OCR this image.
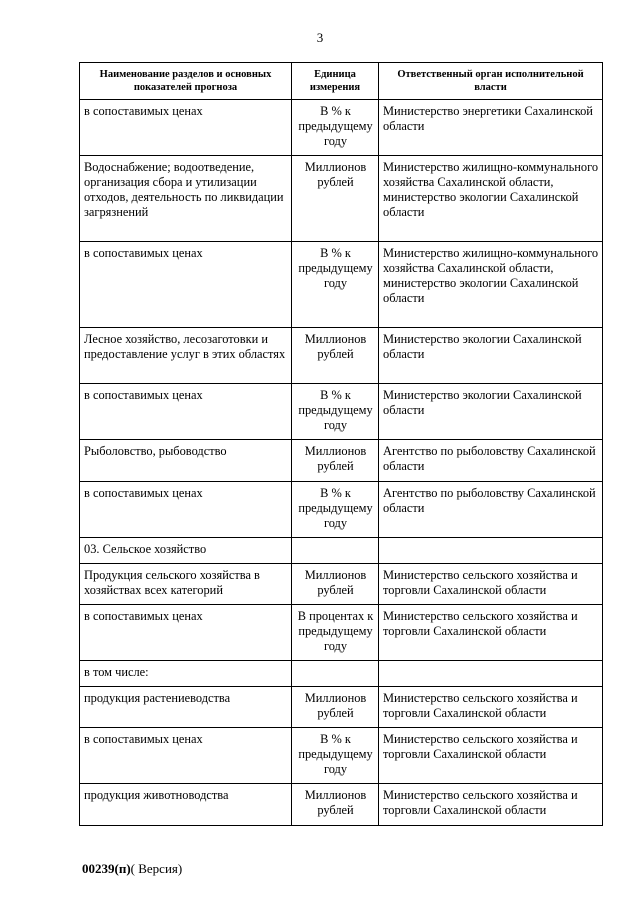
3
Наименование разделов и основных показателей прогноза	Единица измерения	Ответственный орган исполнительной власти
в сопоставимых ценах	В % к предыдущему году	Министерство энергетики Сахалинской области
Водоснабжение; водоотведение, организация сбора и утилизации отходов, деятельность по ликвидации загрязнений	Миллионов рублей	Министерство жилищно-коммунального хозяйства Сахалинской области, министерство экологии Сахалинской области
в сопоставимых ценах	В % к предыдущему году	Министерство жилищно-коммунального хозяйства Сахалинской области, министерство экологии Сахалинской области
Лесное хозяйство, лесозаготовки и предоставление услуг в этих областях	Миллионов рублей	Министерство экологии Сахалинской области
в сопоставимых ценах	В % к предыдущему году	Министерство экологии Сахалинской области
Рыболовство, рыбоводство	Миллионов рублей	Агентство по рыболовству Сахалинской области
в сопоставимых ценах	В % к предыдущему году	Агентство по рыболовству Сахалинской области
03. Сельское хозяйство		
Продукция сельского хозяйства в хозяйствах всех категорий	Миллионов рублей	Министерство сельского хозяйства и торговли Сахалинской области
в сопоставимых ценах	В процентах к предыдущему году	Министерство сельского хозяйства и торговли Сахалинской области
в том числе:		
продукция растениеводства	Миллионов рублей	Министерство сельского хозяйства и торговли Сахалинской области
в сопоставимых ценах	В % к предыдущему году	Министерство сельского хозяйства и торговли Сахалинской области
продукция животноводства	Миллионов рублей	Министерство сельского хозяйства и торговли Сахалинской области
00239(п)( Версия)
